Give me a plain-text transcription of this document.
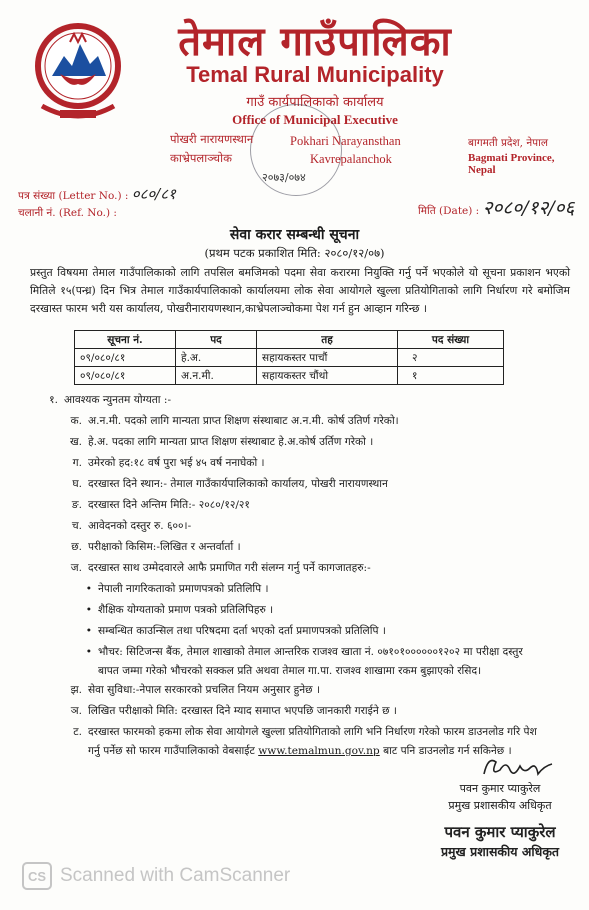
तेमाल गाउँपालिका
Temal Rural Municipality
गाउँ कार्यपालिकाको कार्यालय
Office of Municipal Executive
पोखरी नारायणस्थान
काभ्रेपलाञ्चोक
Pokhari Narayansthan
Kavrepalanchok
बागमती प्रदेश, नेपाल
Bagmati Province, Nepal
२०७३/०७४
पत्र संख्या (Letter No.) : ०८०/८१
चलानी नं. (Ref. No.) :	मिति (Date) : २०८०/१२/०६
सेवा करार सम्बन्धी सूचना
(प्रथम पटक प्रकाशित मिति: २०८०/१२/०७)
प्रस्तुत विषयमा तेमाल गाउँपालिकाको लागि तपसिल बमजिमको पदमा सेवा करारमा नियुक्ति गर्नु पर्ने भएकोले यो सूचना प्रकाशन भएको मितिले १५(पन्ध्र) दिन भित्र तेमाल गाउँकार्यपालिकाको कार्यालयमा लोक सेवा आयोगले खुल्ला प्रतियोगिताको लागि निर्धारण गरे बमोजिम दरखास्त फारम भरी यस कार्यालय, पोखरीनारायणस्थान,काभ्रेपलाञ्चोकमा पेश गर्न हुन आव्हान गरिन्छ ।
सूचना नं.	पद	तह	पद संख्या
०९/०८०/८१	हे.अ.	सहायकस्तर पाचौं	२
०९/०८०/८१	अ.न.मी.	सहायकस्तर चौंथो	१
१. आवश्यक न्युनतम योग्यता :-
क. अ.न.मी. पदको लागि मान्यता प्राप्त शिक्षण संस्थाबाट अ.न.मी. कोर्ष उतिर्ण गरेको।
ख. हे.अ. पदका लागि मान्यता प्राप्त शिक्षण संस्थाबाट हे.अ.कोर्ष उर्तिण गरेको ।
ग. उमेरको हद:१८ वर्ष पुरा भई ४५ वर्ष ननाघेको ।
घ. दरखास्त दिने स्थान:- तेमाल गाउँकार्यपालिकाको कार्यालय, पोखरी नारायणस्थान
ङ. दरखास्त दिने अन्तिम मिति:- २०८०/१२/२१
च. आवेदनको दस्तुर रु. ६००।-
छ. परीक्षाको किसिम:-लिखित र अन्तर्वार्ता ।
ज. दरखास्त साथ उम्मेदवारले आफै प्रमाणित गरी संलग्न गर्नु पर्ने कागजातहरु:-
• नेपाली नागरिकताको प्रमाणपत्रको प्रतिलिपि ।
• शैक्षिक योग्यताको प्रमाण पत्रको प्रतिलिपिहरु ।
• सम्बन्धित काउन्सिल तथा परिषदमा दर्ता भएको दर्ता प्रमाणपत्रको प्रतिलिपि ।
• भौचर: सिटिजन्स बैंक, तेमाल शाखाको तेमाल आन्तरिक राजश्व खाता नं. ०७१०१००००००१२०२ मा परीक्षा दस्तुर
बापत जम्मा गरेको भौचरको सक्कल प्रति अथवा तेमाल गा.पा. राजश्व शाखामा रकम बुझाएको रसिद।
झ. सेवा सुविधा:-नेपाल सरकारको प्रचलित नियम अनुसार हुनेछ ।
ञ. लिखित परीक्षाको मिति: दरखास्त दिने म्याद समाप्त भएपछि जानकारी गराईने छ ।
ट. दरखास्त फारमको हकमा लोक सेवा आयोगले खुल्ला प्रतियोगिताको लागि भनि निर्धारण गरेको फारम डाउनलोड गरि पेश
गर्नु पर्नेछ सो फारम गाउँपालिकाको वेबसाईट www.temalmun.gov.np बाट पनि डाउनलोड गर्न सकिनेछ ।
पवन कुमार प्याकुरेल
प्रमुख प्रशासकीय अधिकृत
पवन कुमार प्याकुरेल
प्रमुख प्रशासकीय अधिकृत
CS Scanned with CamScanner
